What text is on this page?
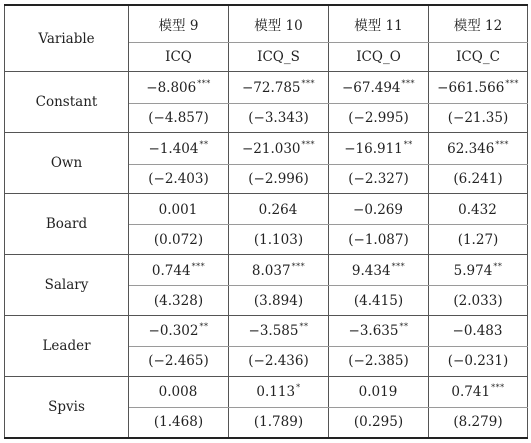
Variable	模型 9	模型 10	模型 11	模型 12
	ICQ	ICQ_S	ICQ_O	ICQ_C
Constant	−8.806***	−72.785***	−67.494***	−661.566***
	(−4.857)	(−3.343)	(−2.995)	(−21.35)
Own	−1.404**	−21.030***	−16.911**	62.346***
	(−2.403)	(−2.996)	(−2.327)	(6.241)
Board	0.001	0.264	−0.269	0.432
	(0.072)	(1.103)	(−1.087)	(1.27)
Salary	0.744***	8.037***	9.434***	5.974**
	(4.328)	(3.894)	(4.415)	(2.033)
Leader	−0.302**	−3.585**	−3.635**	−0.483
	(−2.465)	(−2.436)	(−2.385)	(−0.231)
Spvis	0.008	0.113*	0.019	0.741***
	(1.468)	(1.789)	(0.295)	(8.279)
